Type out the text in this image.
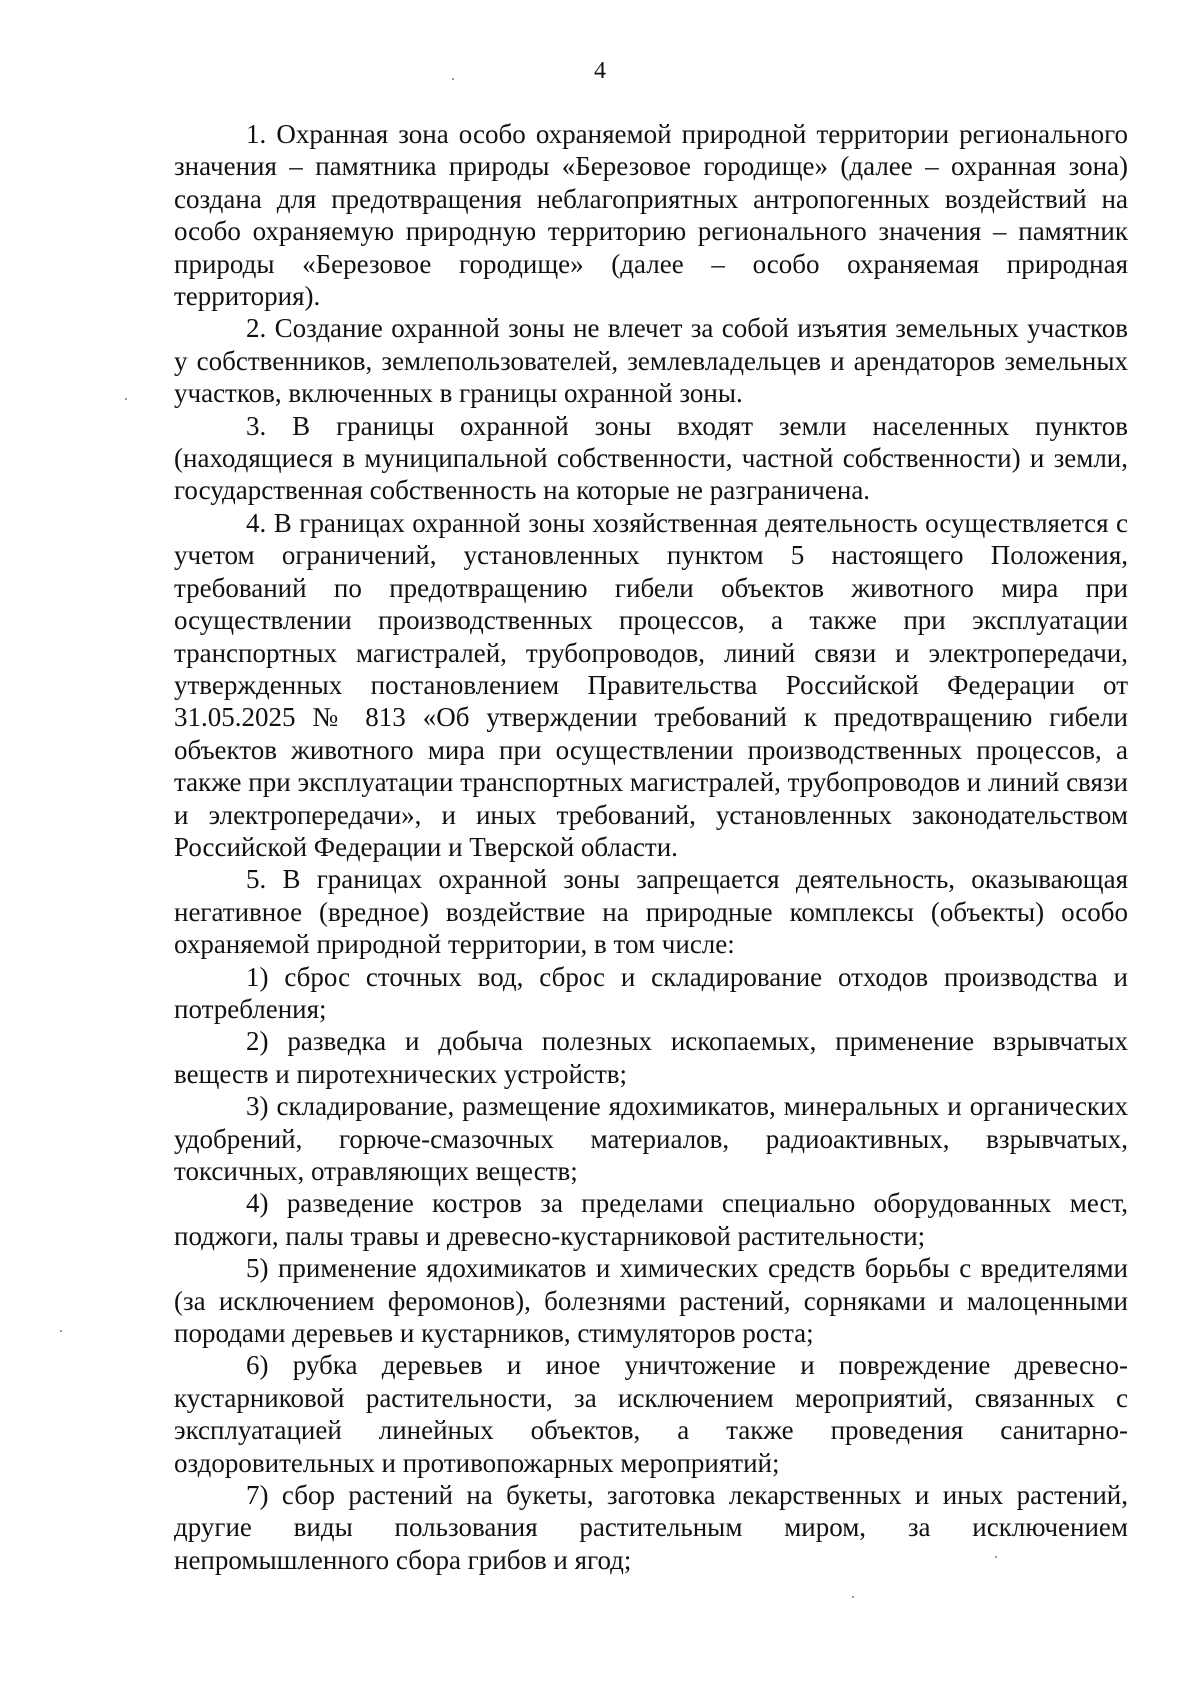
4

1. Охранная зона особо охраняемой природной территории регионального значения – памятника природы «Березовое городище» (далее – охранная зона) создана для предотвращения неблагоприятных антропогенных воздействий на особо охраняемую природную территорию регионального значения – памятник природы «Березовое городище» (далее – особо охраняемая природная территория).

2. Создание охранной зоны не влечет за собой изъятия земельных участков у собственников, землепользователей, землевладельцев и арендаторов земельных участков, включенных в границы охранной зоны.

3. В границы охранной зоны входят земли населенных пунктов (находящиеся в муниципальной собственности, частной собственности) и земли, государственная собственность на которые не разграничена.

4. В границах охранной зоны хозяйственная деятельность осуществляется с учетом ограничений, установленных пунктом 5 настоящего Положения, требований по предотвращению гибели объектов животного мира при осуществлении производственных процессов, а также при эксплуатации транспортных магистралей, трубопроводов, линий связи и электропередачи, утвержденных постановлением Правительства Российской Федерации от 31.05.2025 № 813 «Об утверждении требований к предотвращению гибели объектов животного мира при осуществлении производственных процессов, а также при эксплуатации транспортных магистралей, трубопроводов и линий связи и электропередачи», и иных требований, установленных законодательством Российской Федерации и Тверской области.

5. В границах охранной зоны запрещается деятельность, оказывающая негативное (вредное) воздействие на природные комплексы (объекты) особо охраняемой природной территории, в том числе:

1) сброс сточных вод, сброс и складирование отходов производства и потребления;

2) разведка и добыча полезных ископаемых, применение взрывчатых веществ и пиротехнических устройств;

3) складирование, размещение ядохимикатов, минеральных и органических удобрений, горюче-смазочных материалов, радиоактивных, взрывчатых, токсичных, отравляющих веществ;

4) разведение костров за пределами специально оборудованных мест, поджоги, палы травы и древесно-кустарниковой растительности;

5) применение ядохимикатов и химических средств борьбы с вредителями (за исключением феромонов), болезнями растений, сорняками и малоценными породами деревьев и кустарников, стимуляторов роста;

6) рубка деревьев и иное уничтожение и повреждение древесно-кустарниковой растительности, за исключением мероприятий, связанных с эксплуатацией линейных объектов, а также проведения санитарно-оздоровительных и противопожарных мероприятий;

7) сбор растений на букеты, заготовка лекарственных и иных растений, другие виды пользования растительным миром, за исключением непромышленного сбора грибов и ягод;
